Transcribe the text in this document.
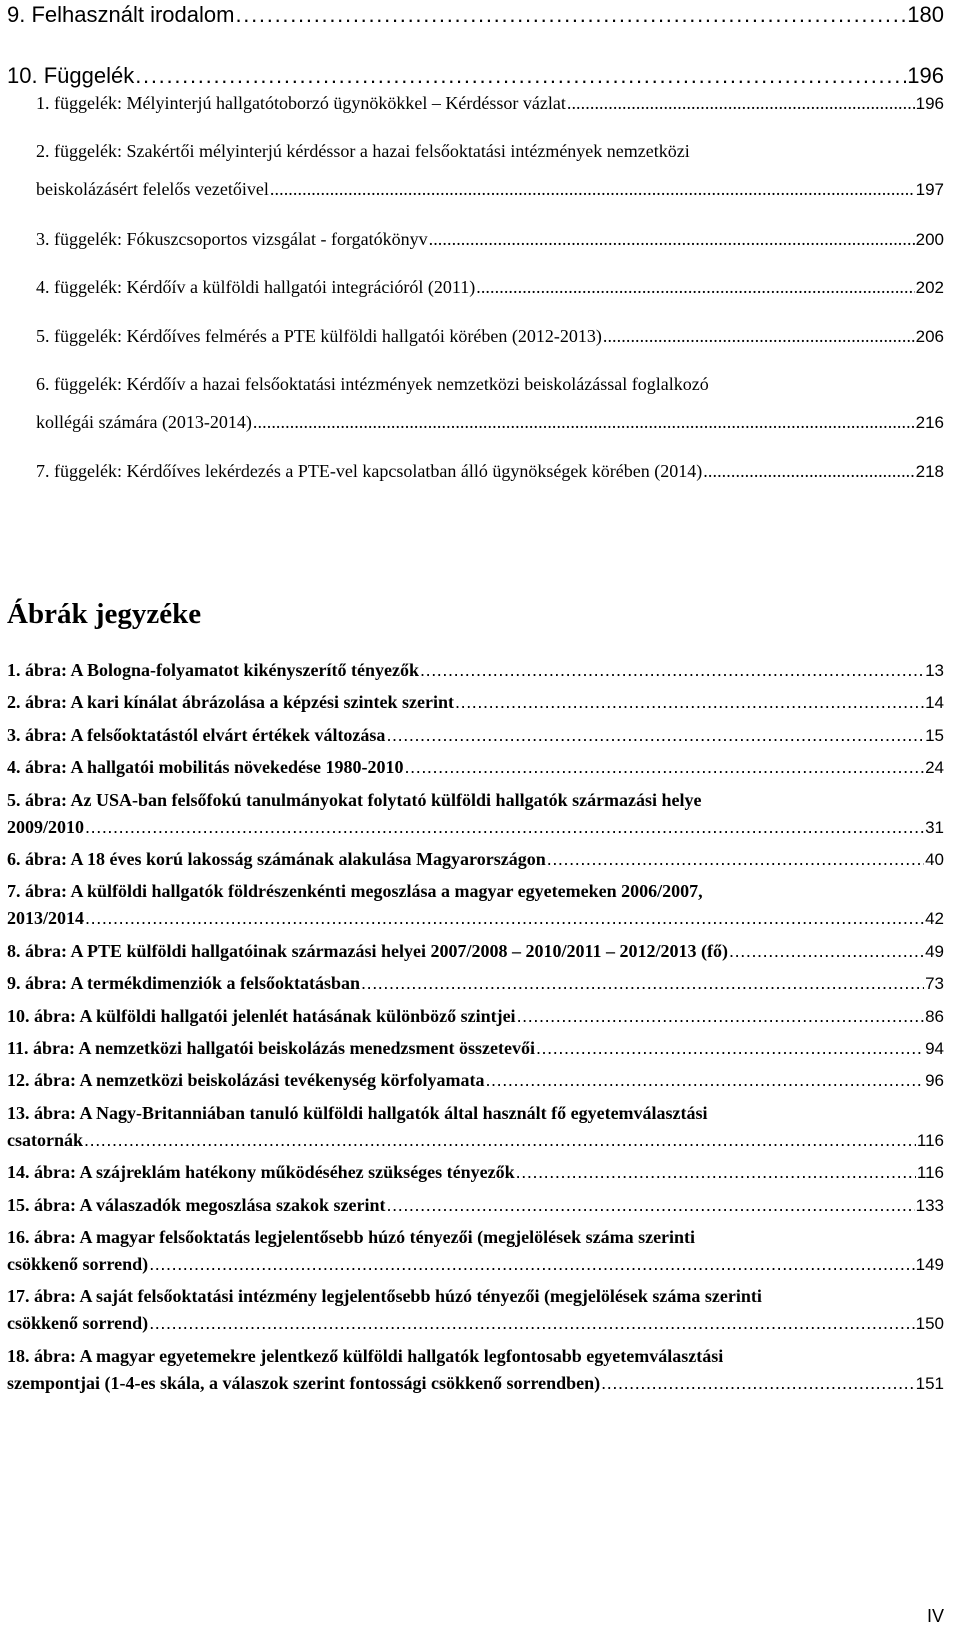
9. Felhasznált irodalom . . .	180
10. Függelék . . .	196
1. függelék: Mélyinterjú hallgatótoborzó ügynökökkel – Kérdéssor vázlat . . .	196
2. függelék: Szakértői mélyinterjú kérdéssor a hazai felsőoktatási intézmények nemzetközi
beiskolázásért felelős vezetőivel . . .	197
3. függelék: Fókuszcsoportos vizsgálat - forgatókönyv . . .	200
4. függelék: Kérdőív a külföldi hallgatói integrációról (2011) . . .	202
5. függelék: Kérdőíves felmérés a PTE külföldi hallgatói körében (2012-2013) . . .	206
6. függelék: Kérdőív a hazai felsőoktatási intézmények nemzetközi beiskolázással foglalkozó
kollégái számára (2013-2014) . . .	216
7. függelék: Kérdőíves lekérdezés a PTE-vel kapcsolatban álló ügynökségek körében (2014) . . .	218
Ábrák jegyzéke
1. ábra: A Bologna-folyamatot kikényszerítő tényezők . . .	13
2. ábra: A kari kínálat ábrázolása a képzési szintek szerint . . .	14
3. ábra: A felsőoktatástól elvárt értékek változása . . .	15
4. ábra: A hallgatói mobilitás növekedése 1980-2010 . . .	24
5. ábra: Az USA-ban felsőfokú tanulmányokat folytató külföldi hallgatók származási helye
2009/2010 . . .	31
6. ábra: A 18 éves korú lakosság számának alakulása Magyarországon . . .	40
7. ábra: A külföldi hallgatók földrészenkénti megoszlása a magyar egyetemeken 2006/2007,
2013/2014 . . .	42
8. ábra: A PTE külföldi hallgatóinak származási helyei 2007/2008 – 2010/2011 – 2012/2013 (fő) . . .	49
9. ábra: A termékdimenziók a felsőoktatásban . . .	73
10. ábra: A külföldi hallgatói jelenlét hatásának különböző szintjei . . .	86
11. ábra: A nemzetközi hallgatói beiskolázás menedzsment összetevői . . .	94
12. ábra: A nemzetközi beiskolázási tevékenység körfolyamata . . .	96
13. ábra: A Nagy-Britanniában tanuló külföldi hallgatók által használt fő egyetemválasztási
csatornák . . .	116
14. ábra: A szájreklám hatékony működéséhez szükséges tényezők . . .	116
15. ábra: A válaszadók megoszlása szakok szerint . . .	133
16. ábra: A magyar felsőoktatás legjelentősebb húzó tényezői (megjelölések száma szerinti
csökkenő sorrend) . . .	149
17. ábra: A saját felsőoktatási intézmény legjelentősebb húzó tényezői (megjelölések száma szerinti
csökkenő sorrend) . . .	150
18. ábra: A magyar egyetemekre jelentkező külföldi hallgatók legfontosabb egyetemválasztási
szempontjai (1-4-es skála, a válaszok szerint fontossági csökkenő sorrendben) . . .	151
IV
